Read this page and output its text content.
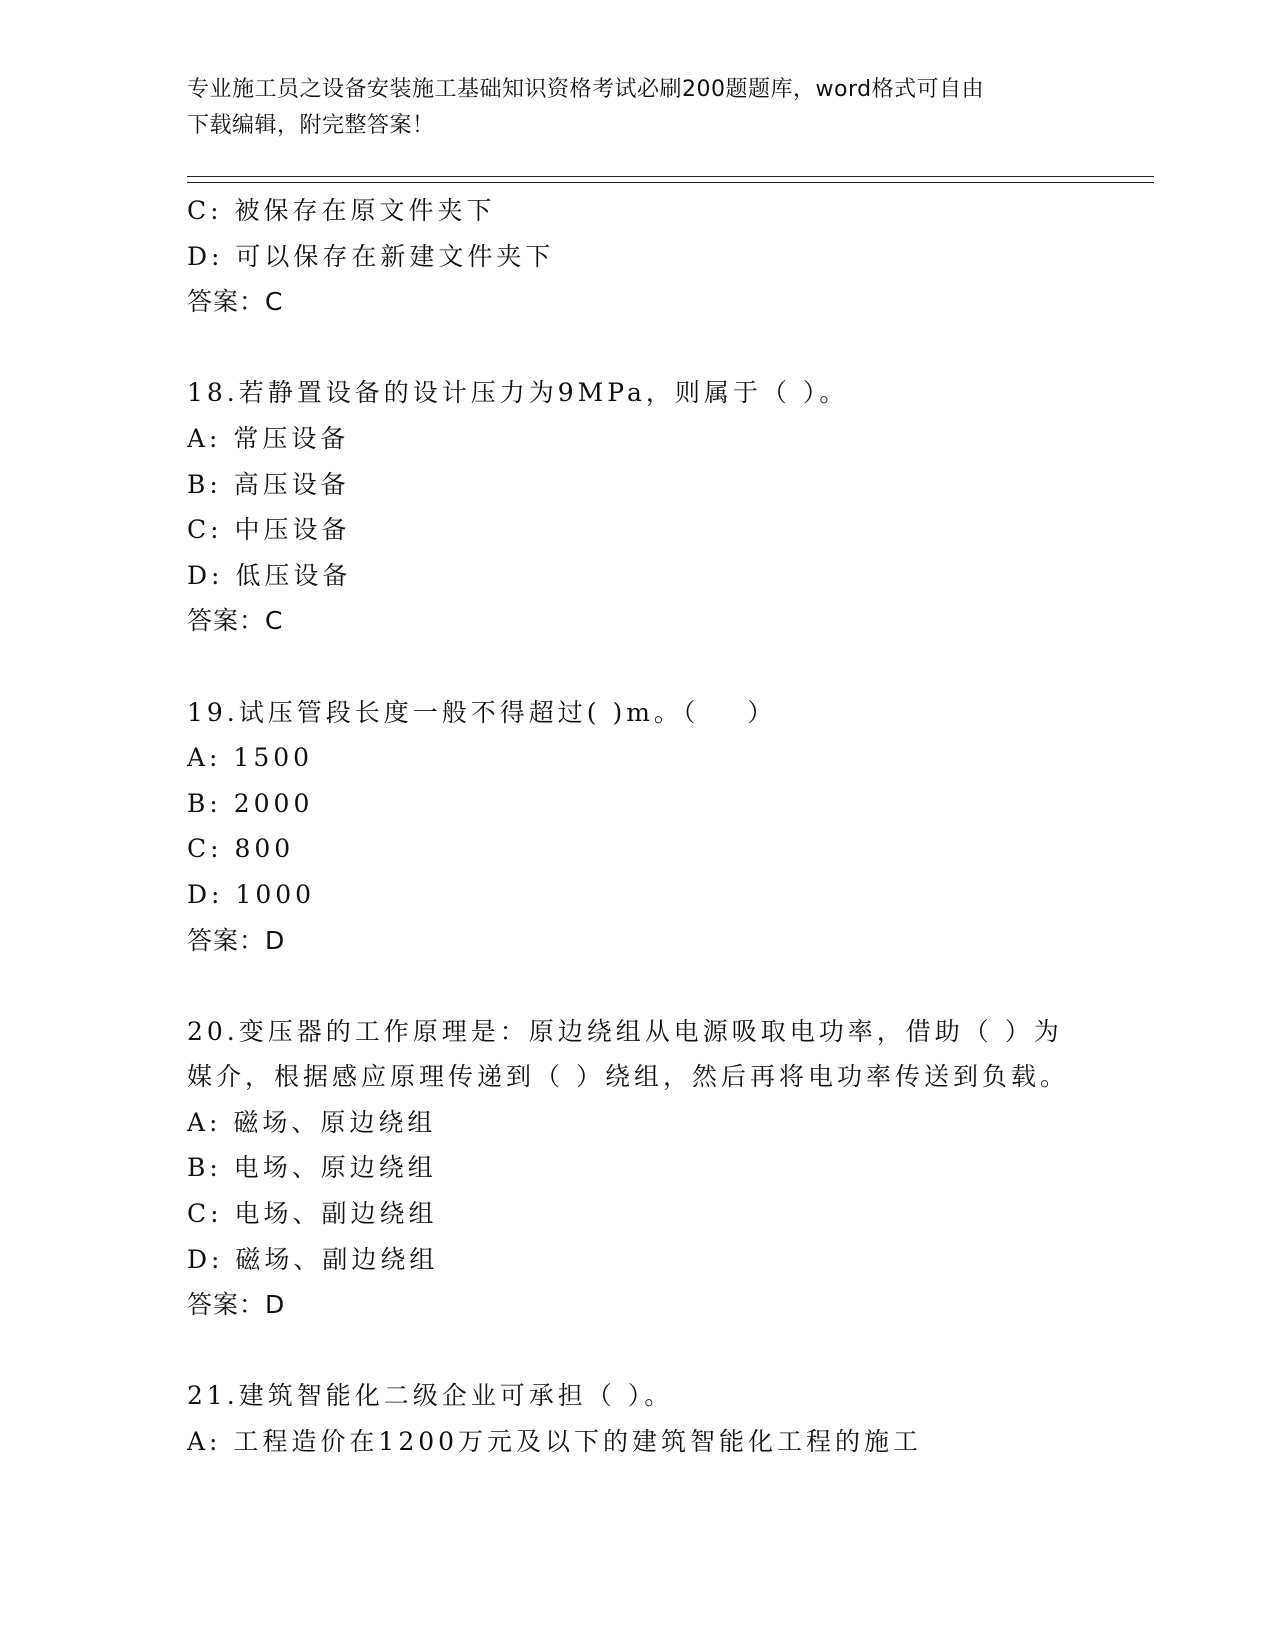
专业施工员之设备安装施工基础知识资格考试必刷200题题库，word格式可自由
下载编辑，附完整答案！
C: 被保存在原文件夹下
D: 可以保存在新建文件夹下
答案：C
18.若静置设备的设计压力为9MPa，则属于（ ）。
A: 常压设备
B: 高压设备
C: 中压设备
D: 低压设备
答案：C
19.试压管段长度一般不得超过( )m。（    ）
A: 1500
B: 2000
C: 800
D: 1000
答案：D
20.变压器的工作原理是：原边绕组从电源吸取电功率，借助（ ）为
媒介，根据感应原理传递到（ ）绕组，然后再将电功率传送到负载。
A: 磁场、原边绕组
B: 电场、原边绕组
C: 电场、副边绕组
D: 磁场、副边绕组
答案：D
21.建筑智能化二级企业可承担（ ）。
A: 工程造价在1200万元及以下的建筑智能化工程的施工
